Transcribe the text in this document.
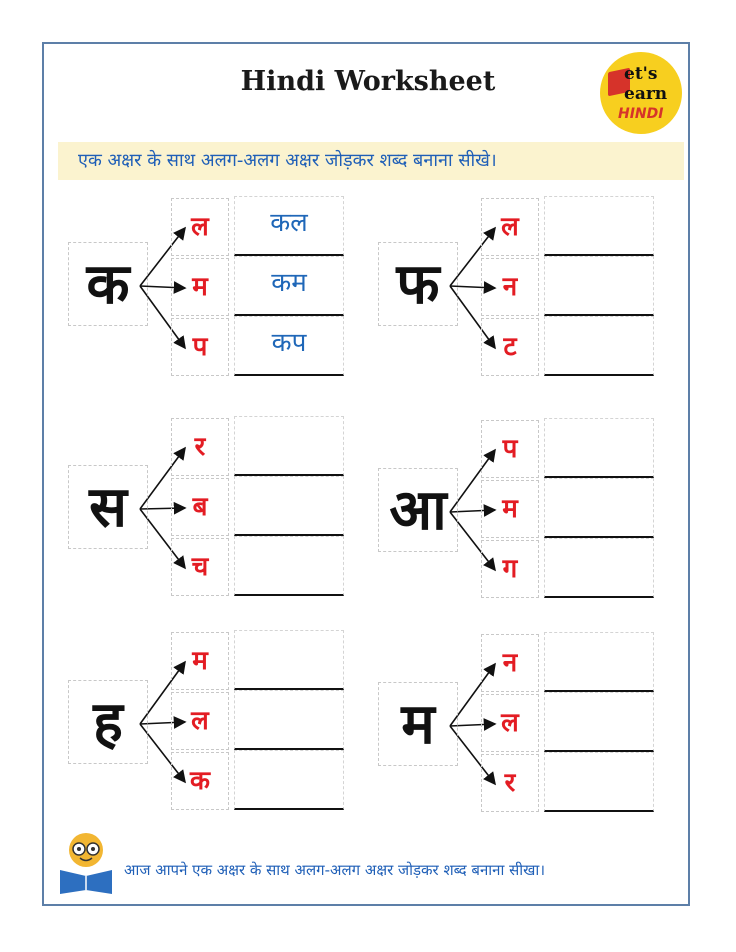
Hindi Worksheet	et's
earn
HINDI
एक अक्षर के साथ अलग-अलग अक्षर जोड़कर शब्द बनाना सीखे।
क
ल	कल
म	कम
प	कप
फ
ल
न
ट
स
र
ब
च
आ
प
म
ग
ह
म
ल
क
म
न
ल
र
आज आपने एक अक्षर के साथ अलग-अलग अक्षर जोड़कर शब्द बनाना सीखा।
